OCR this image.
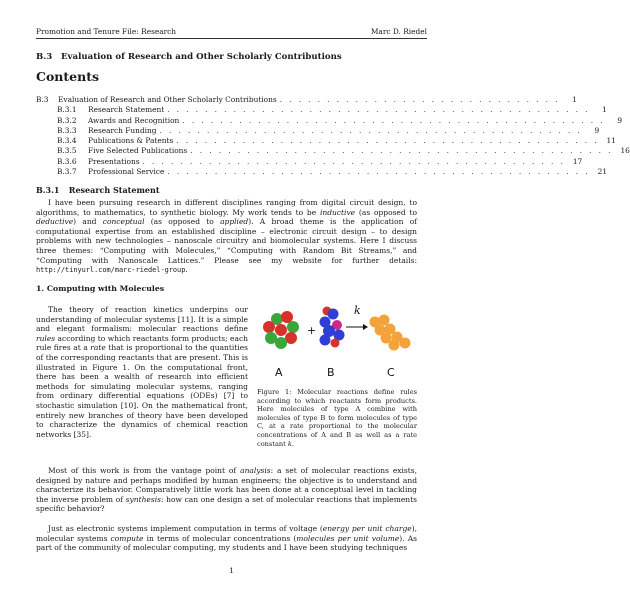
Promotion and Tenure File: Research	Marc D. Riedel
B.3 Evaluation of Research and Other Scholarly Contributions
Contents
B.3	Evaluation of Research and Other Scholarly Contributions . . . . . . . . . . . . . . . . . . . . . . . . . . . . . .	1
B.3.1	Research Statement . . . . . . . . . . . . . . . . . . . . . . . . . . . . . . . . . . . . . . . . . . . . .	1
B.3.2	Awards and Recognition . . . . . . . . . . . . . . . . . . . . . . . . . . . . . . . . . . . . . . . . . . . . .	9
B.3.3	Research Funding . . . . . . . . . . . . . . . . . . . . . . . . . . . . . . . . . . . . . . . . . . . . .	9
B.3.4	Publications & Patents . . . . . . . . . . . . . . . . . . . . . . . . . . . . . . . . . . . . . . . . . . . . .	11
B.3.5	Five Selected Publications . . . . . . . . . . . . . . . . . . . . . . . . . . . . . . . . . . . . . . . . . . . . .	16
B.3.6	Presentations . . . . . . . . . . . . . . . . . . . . . . . . . . . . . . . . . . . . . . . . . . . . .	17
B.3.7	Professional Service . . . . . . . . . . . . . . . . . . . . . . . . . . . . . . . . . . . . . . . . . . . . .	21
B.3.1 Research Statement

I have been pursuing research in different disciplines ranging from digital circuit design, to algorithms, to mathematics, to synthetic biology. My work tends to be inductive (as opposed to deductive) and conceptual (as opposed to applied). A broad theme is the application of computational expertise from an established discipline – electronic circuit design – to design problems with new technologies – nanoscale circuitry and biomolecular systems. Here I discuss three themes: “Computing with Molecules,” “Computing with Random Bit Streams,” and “Computing with Nanoscale Lattices.” Please see my website for further details: http://tinyurl.com/marc-riedel-group.

1. Computing with Molecules

The theory of reaction kinetics underpins our understanding of molecular systems [11]. It is a simple and elegant formalism: molecular reactions define rules according to which reactants form products; each rule fires at a rate that is proportional to the quantities of the corresponding reactants that are present. This is illustrated in Figure 1. On the computational front, there has been a wealth of research into efficient methods for simulating molecular systems, ranging from ordinary differential equations (ODEs) [7] to stochastic simulation [10]. On the mathematical front, entirely new branches of theory have been developed to characterize the dynamics of chemical reaction networks [35].

+
k
A	B	C

Figure 1: Molecular reactions define rules according to which reactants form products. Here molecules of type A combine with molecules of type B to form molecules of type C, at a rate proportional to the molecular concentrations of A and B as well as a rate constant k.

Most of this work is from the vantage point of analysis: a set of molecular reactions exists, designed by nature and perhaps modified by human engineers; the objective is to understand and characterize its behavior. Comparatively little work has been done at a conceptual level in tackling the inverse problem of synthesis: how can one design a set of molecular reactions that implements specific behavior?

Just as electronic systems implement computation in terms of voltage (energy per unit charge), molecular systems compute in terms of molecular concentrations (molecules per unit volume). As part of the community of molecular computing, my students and I have been studying techniques

1
